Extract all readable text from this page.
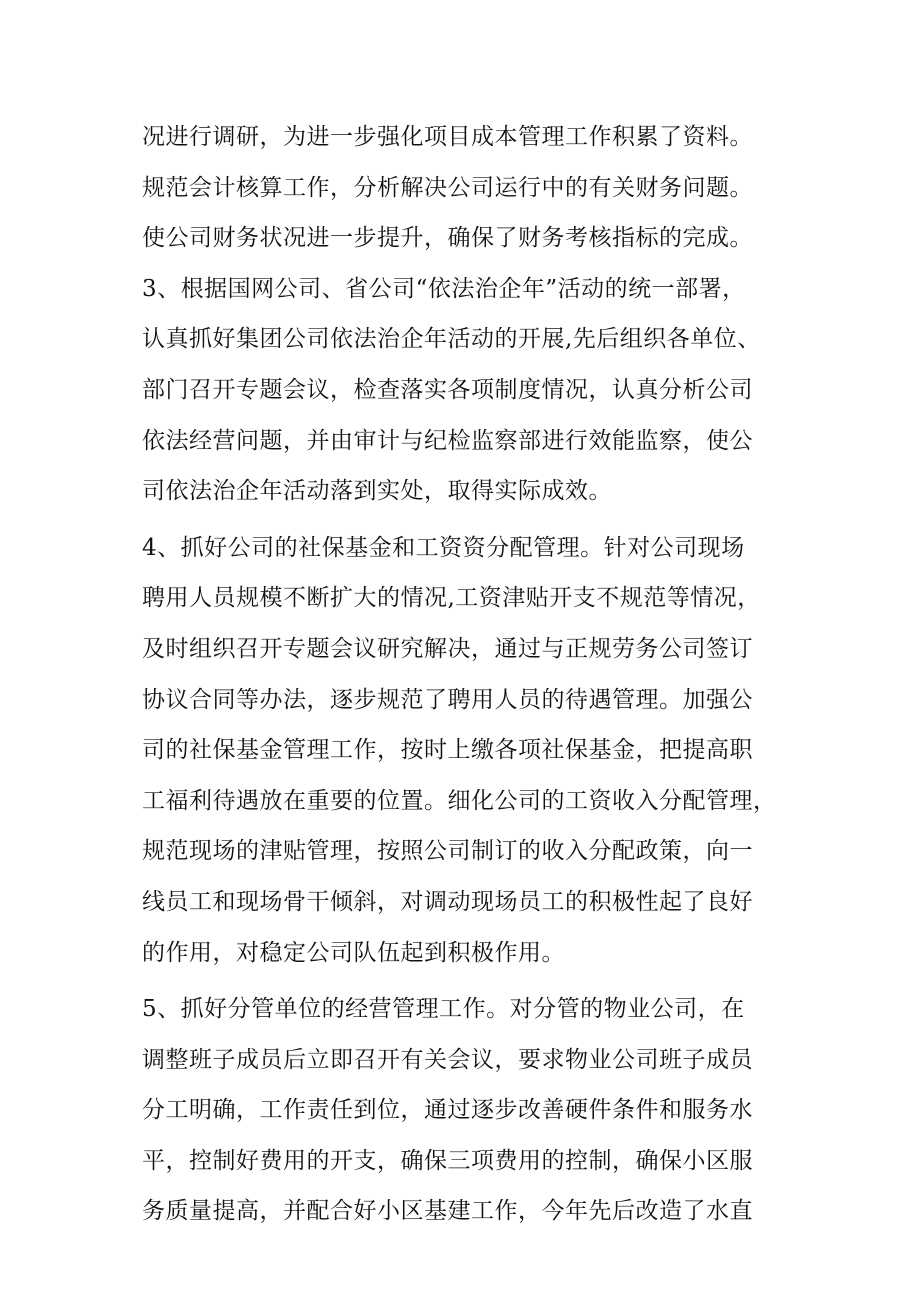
况进行调研，为进一步强化项目成本管理工作积累了资料。
规范会计核算工作，分析解决公司运行中的有关财务问题。
使公司财务状况进一步提升，确保了财务考核指标的完成。
3、根据国网公司、省公司“依法治企年”活动的统一部署，
认真抓好集团公司依法治企年活动的开展,先后组织各单位、
部门召开专题会议，检查落实各项制度情况，认真分析公司
依法经营问题，并由审计与纪检监察部进行效能监察，使公
司依法治企年活动落到实处，取得实际成效。
4、抓好公司的社保基金和工资资分配管理。针对公司现场
聘用人员规模不断扩大的情况,工资津贴开支不规范等情况，
及时组织召开专题会议研究解决，通过与正规劳务公司签订
协议合同等办法，逐步规范了聘用人员的待遇管理。加强公
司的社保基金管理工作，按时上缴各项社保基金，把提高职
工福利待遇放在重要的位置。细化公司的工资收入分配管理，
规范现场的津贴管理，按照公司制订的收入分配政策，向一
线员工和现场骨干倾斜，对调动现场员工的积极性起了良好
的作用，对稳定公司队伍起到积极作用。
5、抓好分管单位的经营管理工作。对分管的物业公司，在
调整班子成员后立即召开有关会议，要求物业公司班子成员
分工明确，工作责任到位，通过逐步改善硬件条件和服务水
平，控制好费用的开支，确保三项费用的控制，确保小区服
务质量提高，并配合好小区基建工作，今年先后改造了水直
